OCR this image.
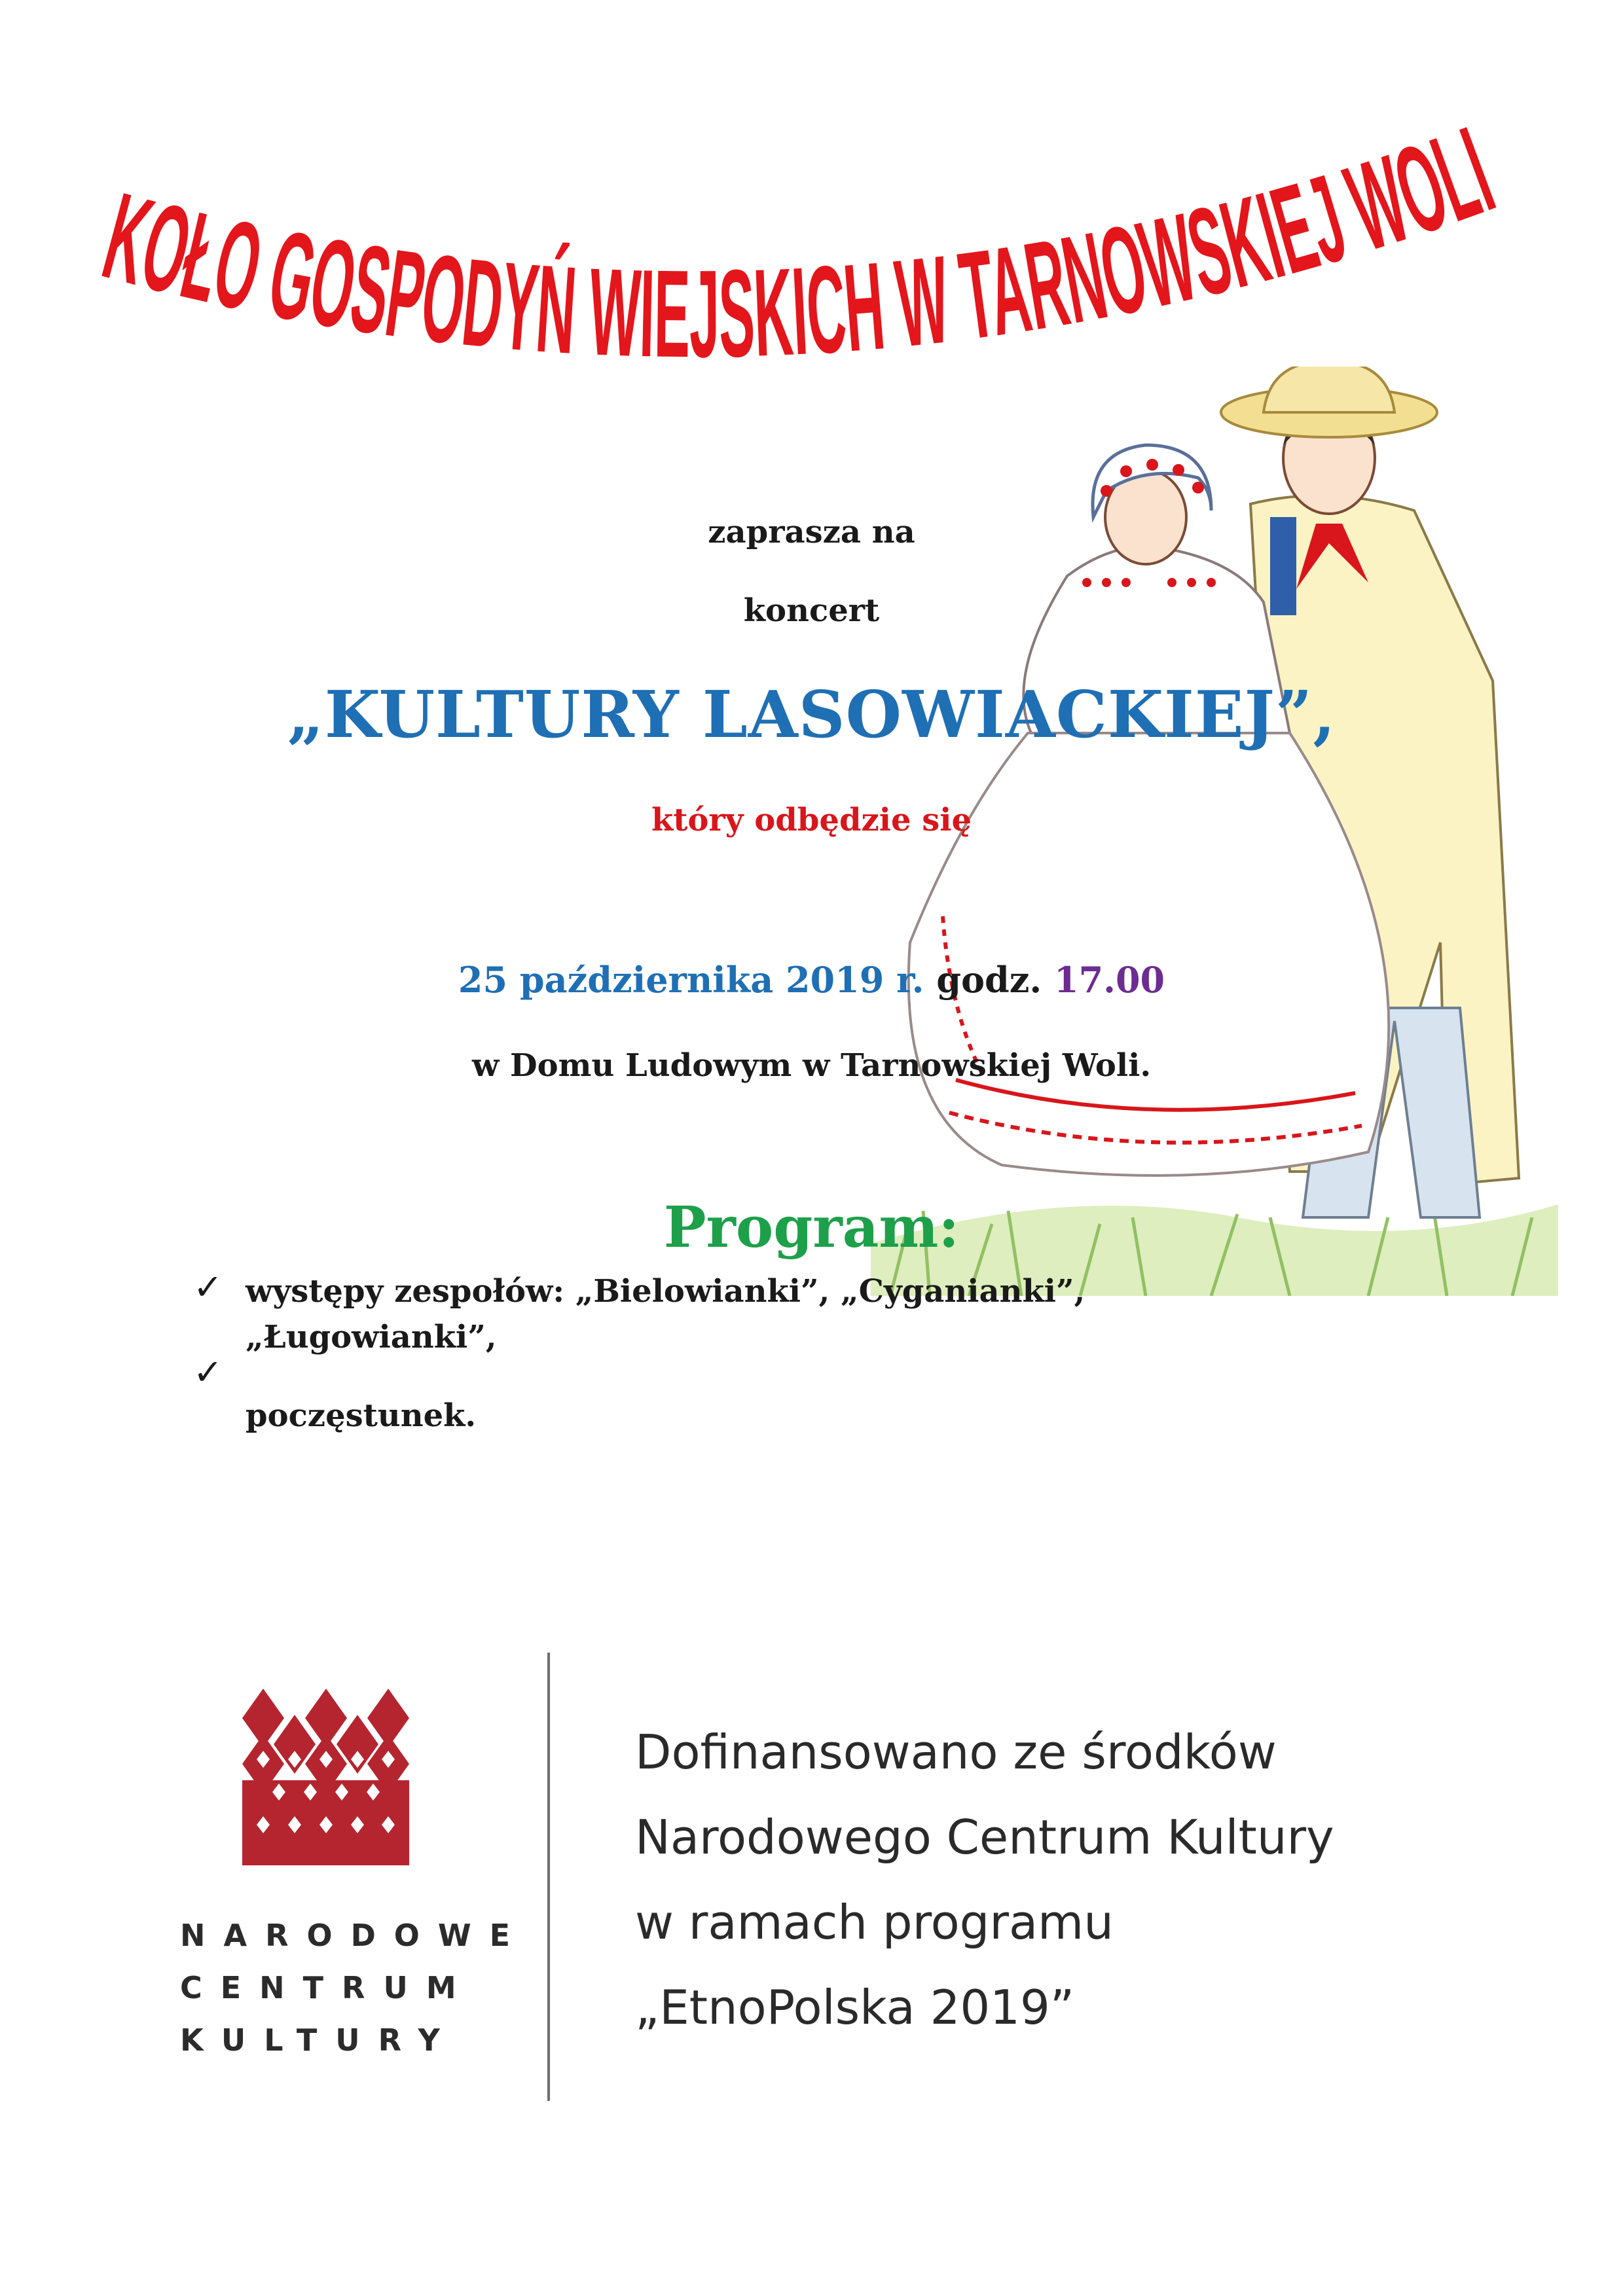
KOŁO GOSPODYŃ WIEJSKICH W TARNOWSKIEJ WOLI
zaprasza na
koncert
„KULTURY LASOWIACKIEJ”,
który odbędzie się
25 października 2019 r. godz. 17.00
w Domu Ludowym w Tarnowskiej Woli.
Program:
✓ występy zespołów: „Bielowianki”, „Cyganianki”,
„Ługowianki”,
✓
poczęstunek.
NARODOWE
CENTRUM
KULTURY
Dofinansowano ze środków
Narodowego Centrum Kultury
w ramach programu
„EtnoPolska 2019”
